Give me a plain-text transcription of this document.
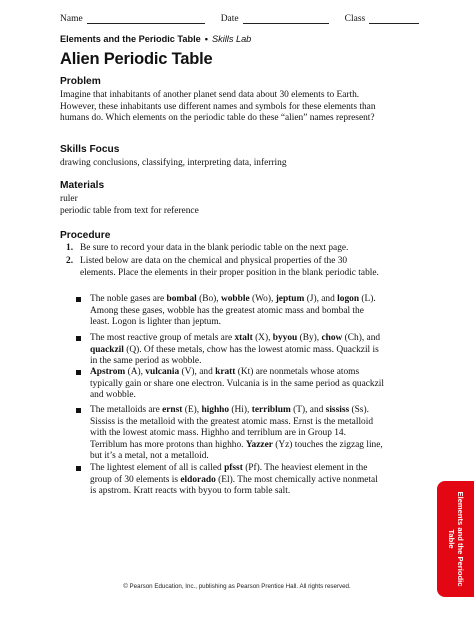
Name	Date	Class
Elements and the Periodic Table • Skills Lab
Alien Periodic Table
Problem
Imagine that inhabitants of another planet send data about 30 elements to Earth. However, these inhabitants use different names and symbols for these elements than humans do. Which elements on the periodic table do these “alien” names represent?
Skills Focus
drawing conclusions, classifying, interpreting data, inferring
Materials
ruler
periodic table from text for reference
Procedure
1. Be sure to record your data in the blank periodic table on the next page.
2. Listed below are data on the chemical and physical properties of the 30 elements. Place the elements in their proper position in the blank periodic table.
The noble gases are bombal (Bo), wobble (Wo), jeptum (J), and logon (L). Among these gases, wobble has the greatest atomic mass and bombal the least. Logon is lighter than jeptum.
The most reactive group of metals are xtalt (X), byyou (By), chow (Ch), and quackzil (Q). Of these metals, chow has the lowest atomic mass. Quackzil is in the same period as wobble.
Apstrom (A), vulcania (V), and kratt (Kt) are nonmetals whose atoms typically gain or share one electron. Vulcania is in the same period as quackzil and wobble.
The metalloids are ernst (E), highho (Hi), terriblum (T), and sississ (Ss). Sississ is the metalloid with the greatest atomic mass. Ernst is the metalloid with the lowest atomic mass. Highho and terriblum are in Group 14. Terriblum has more protons than highho. Yazzer (Yz) touches the zigzag line, but it’s a metal, not a metalloid.
The lightest element of all is called pfsst (Pf). The heaviest element in the group of 30 elements is eldorado (El). The most chemically active nonmetal is apstrom. Kratt reacts with byyou to form table salt.
Elements and the Periodic Table
© Pearson Education, Inc., publishing as Pearson Prentice Hall. All rights reserved.
